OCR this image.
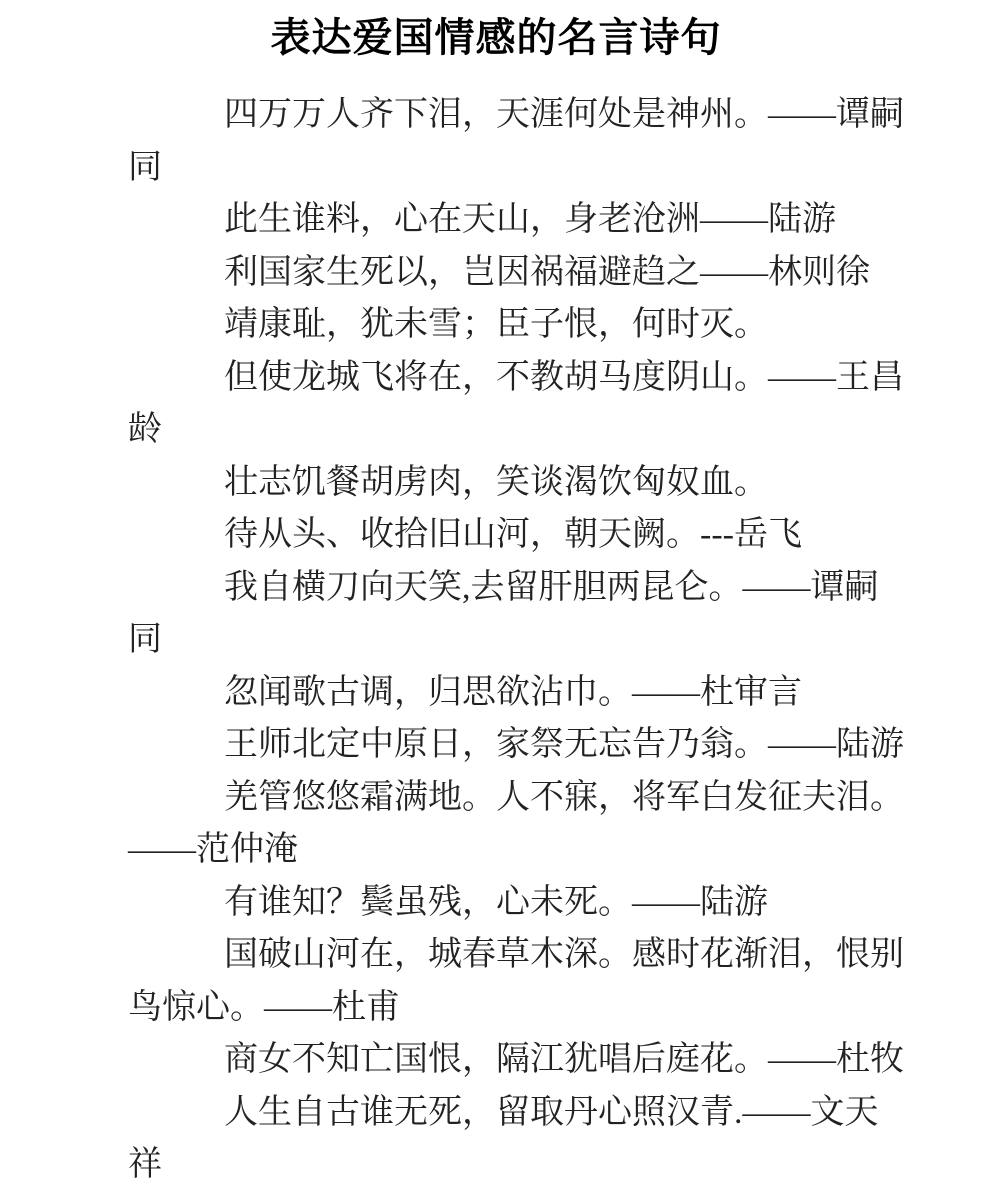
表达爱国情感的名言诗句

四万万人齐下泪，天涯何处是神州。——谭嗣
同

此生谁料，心在天山，身老沧洲——陆游

利国家生死以，岂因祸福避趋之——林则徐

靖康耻，犹未雪；臣子恨，何时灭。

但使龙城飞将在，不教胡马度阴山。——王昌
龄

壮志饥餐胡虏肉，笑谈渴饮匈奴血。

待从头、收拾旧山河，朝天阙。---岳飞

我自横刀向天笑,去留肝胆两昆仑。——谭嗣
同

忽闻歌古调，归思欲沾巾。——杜审言

王师北定中原日，家祭无忘告乃翁。——陆游

羌管悠悠霜满地。人不寐，将军白发征夫泪。
——范仲淹

有谁知？鬓虽残，心未死。——陆游

国破山河在，城春草木深。感时花渐泪，恨别
鸟惊心。——杜甫

商女不知亡国恨，隔江犹唱后庭花。——杜牧

人生自古谁无死，留取丹心照汉青.——文天
祥
